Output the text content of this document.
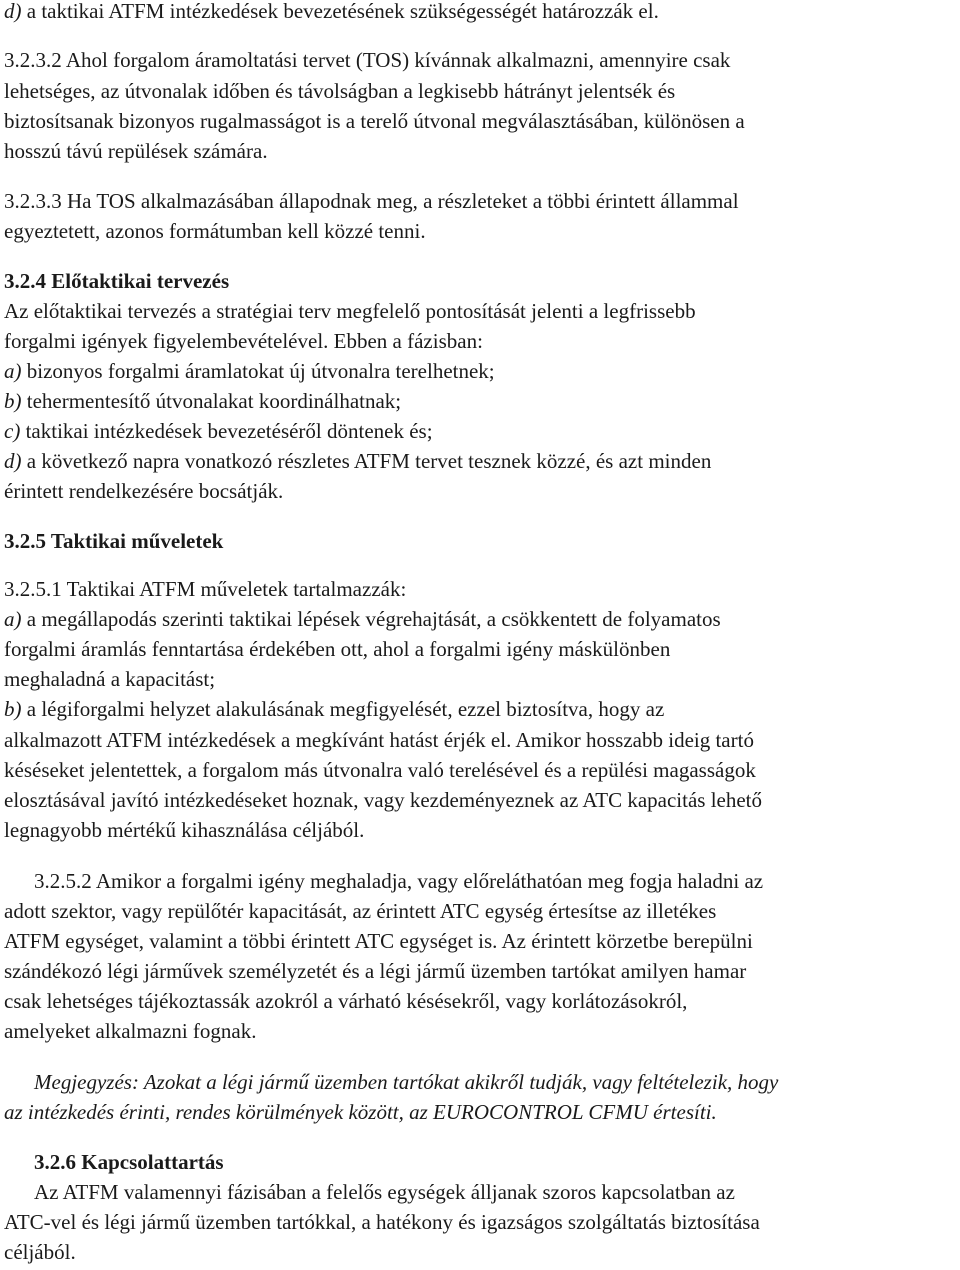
d) a taktikai ATFM intézkedések bevezetésének szükségességét határozzák el.
3.2.3.2 Ahol forgalom áramoltatási tervet (TOS) kívánnak alkalmazni, amennyire csak
lehetséges, az útvonalak időben és távolságban a legkisebb hátrányt jelentsék és
biztosítsanak bizonyos rugalmasságot is a terelő útvonal megválasztásában, különösen a
hosszú távú repülések számára.
3.2.3.3 Ha TOS alkalmazásában állapodnak meg, a részleteket a többi érintett állammal
egyeztetett, azonos formátumban kell közzé tenni.
3.2.4 Előtaktikai tervezés
Az előtaktikai tervezés a stratégiai terv megfelelő pontosítását jelenti a legfrissebb
forgalmi igények figyelembevételével. Ebben a fázisban:
a) bizonyos forgalmi áramlatokat új útvonalra terelhetnek;
b) tehermentesítő útvonalakat koordinálhatnak;
c) taktikai intézkedések bevezetéséről döntenek és;
d) a következő napra vonatkozó részletes ATFM tervet tesznek közzé, és azt minden
érintett rendelkezésére bocsátják.
3.2.5 Taktikai műveletek
3.2.5.1 Taktikai ATFM műveletek tartalmazzák:
a) a megállapodás szerinti taktikai lépések végrehajtását, a csökkentett de folyamatos
forgalmi áramlás fenntartása érdekében ott, ahol a forgalmi igény máskülönben
meghaladná a kapacitást;
b) a légiforgalmi helyzet alakulásának megfigyelését, ezzel biztosítva, hogy az
alkalmazott ATFM intézkedések a megkívánt hatást érjék el. Amikor hosszabb ideig tartó
késéseket jelentettek, a forgalom más útvonalra való terelésével és a repülési magasságok
elosztásával javító intézkedéseket hoznak, vagy kezdeményeznek az ATC kapacitás lehető
legnagyobb mértékű kihasználása céljából.
3.2.5.2 Amikor a forgalmi igény meghaladja, vagy előreláthatóan meg fogja haladni az
adott szektor, vagy repülőtér kapacitását, az érintett ATC egység értesítse az illetékes
ATFM egységet, valamint a többi érintett ATC egységet is. Az érintett körzetbe berepülni
szándékozó légi járművek személyzetét és a légi jármű üzemben tartókat amilyen hamar
csak lehetséges tájékoztassák azokról a várható késésekről, vagy korlátozásokról,
amelyeket alkalmazni fognak.
Megjegyzés: Azokat a légi jármű üzemben tartókat akikről tudják, vagy feltételezik, hogy
az intézkedés érinti, rendes körülmények között, az EUROCONTROL CFMU értesíti.
3.2.6 Kapcsolattartás
Az ATFM valamennyi fázisában a felelős egységek álljanak szoros kapcsolatban az
ATC-vel és légi jármű üzemben tartókkal, a hatékony és igazságos szolgáltatás biztosítása
céljából.
